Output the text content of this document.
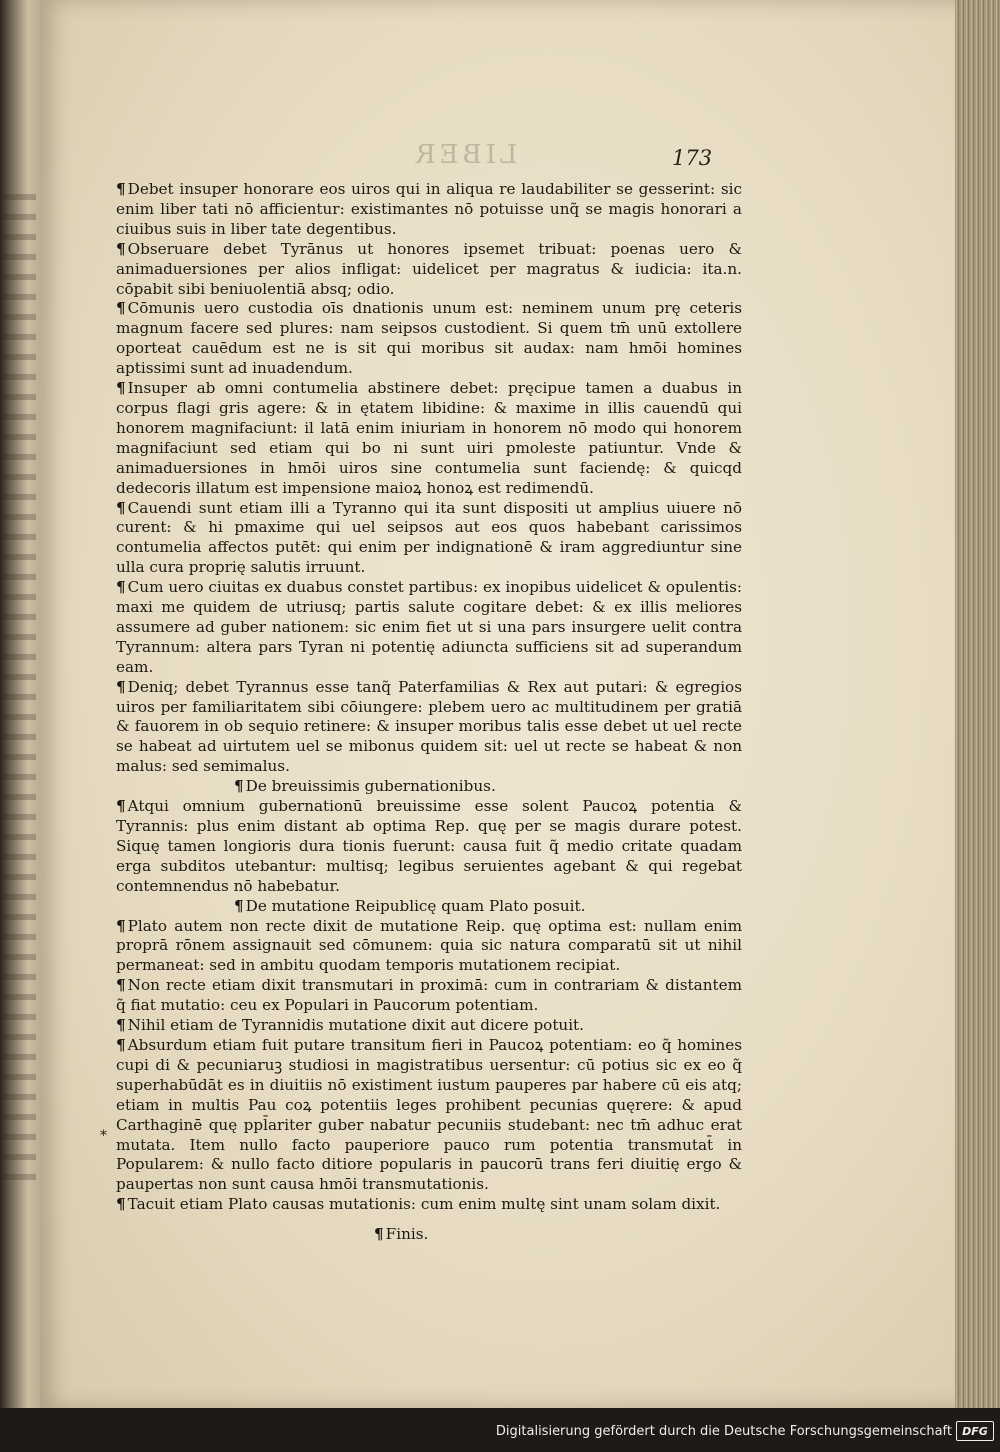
LIBER	173

¶ Debet insuper honorare eos uiros qui in aliqua re laudabiliter se gesserint: sic enim liber tati nō afficientur: existimantes nō potuisse unq̃ se magis honorari a ciuibus suis in liber tate degentibus.

¶ Obseruare debet Tyrānus ut honores ipsemet tribuat: poenas uero & animaduersiones per alios infligat: uidelicet per magratus & iudicia: ita.n. cōpabit sibi beniuolentiā absq; odio.

¶ Cōmunis uero custodia oīs dnationis unum est: neminem unum prę ceteris magnum facere sed plures: nam seipsos custodient. Si quem tm̄ unū extollere oporteat cauēdum est ne is sit qui moribus sit audax: nam hmōi homines aptissimi sunt ad inuadendum.

¶ Insuper ab omni contumelia abstinere debet: pręcipue tamen a duabus in corpus flagi gris agere: & in ętatem libidine: & maxime in illis cauendū qui honorem magnifaciunt: il latā enim iniuriam in honorem nō modo qui honorem magnifaciunt sed etiam qui bo ni sunt uiri pmoleste patiuntur. Vnde & animaduersiones in hmōi uiros sine contumelia sunt faciendę: & quicqd dedecoris illatum est impensione maioꝝ honoꝝ est redimendū.

¶ Cauendi sunt etiam illi a Tyranno qui ita sunt dispositi ut amplius uiuere nō curent: & hi pmaxime qui uel seipsos aut eos quos habebant carissimos contumelia affectos putēt: qui enim per indignationē & iram aggrediuntur sine ulla cura proprię salutis irruunt.

¶ Cum uero ciuitas ex duabus constet partibus: ex inopibus uidelicet & opulentis: maxi me quidem de utriusq; partis salute cogitare debet: & ex illis meliores assumere ad guber nationem: sic enim fiet ut si una pars insurgere uelit contra Tyrannum: altera pars Tyran ni potentię adiuncta sufficiens sit ad superandum eam.

¶ Deniq; debet Tyrannus esse tanq̃ Paterfamilias & Rex aut putari: & egregios uiros per familiaritatem sibi cōiungere: plebem uero ac multitudinem per gratiā & fauorem in ob sequio retinere: & insuper moribus talis esse debet ut uel recte se habeat ad uirtutem uel se mibonus quidem sit: uel ut recte se habeat & non malus: sed semimalus.

¶ De breuissimis gubernationibus.

¶ Atqui omnium gubernationū breuissime esse solent Paucoꝝ potentia & Tyrannis: plus enim distant ab optima Rep. quę per se magis durare potest. Siquę tamen longioris dura tionis fuerunt: causa fuit q̃ medio critate quadam erga subditos utebantur: multisq; legibus seruientes agebant & qui regebat contemnendus nō habebatur.

¶ De mutatione Reipublicę quam Plato posuit.

¶ Plato autem non recte dixit de mutatione Reip. quę optima est: nullam enim proprā rōnem assignauit sed cōmunem: quia sic natura comparatū sit ut nihil permaneat: sed in ambitu quodam temporis mutationem recipiat.

¶ Non recte etiam dixit transmutari in proximā: cum in contrariam & distantem q̃ fiat mutatio: ceu ex Populari in Paucorum potentiam.

¶ Nihil etiam de Tyrannidis mutatione dixit aut dicere potuit.

¶ Absurdum etiam fuit putare transitum fieri in Paucoꝝ potentiam: eo q̃ homines cupi di & pecuniaruꝫ studiosi in magistratibus uersentur: cū potius sic ex eo q̃ superhabūdāt es in diuitiis nō existiment iustum pauperes par habere cū eis atq; etiam in multis Pau coꝝ potentiis leges prohibent pecunias quęrere: & apud Carthaginē quę ppl̄ariter guber nabatur pecuniis studebant: nec tm̄ adhuc erat mutata. Item nullo facto pauperiore pauco rum potentia transmutat̄ in Popularem: & nullo facto ditiore popularis in paucorū trans feri diuitię ergo & paupertas non sunt causa hmōi transmutationis.

¶ Tacuit etiam Plato causas mutationis: cum enim multę sint unam solam dixit.

¶ Finis.

*

Digitalisierung gefördert durch die Deutsche Forschungsgemeinschaft DFG
